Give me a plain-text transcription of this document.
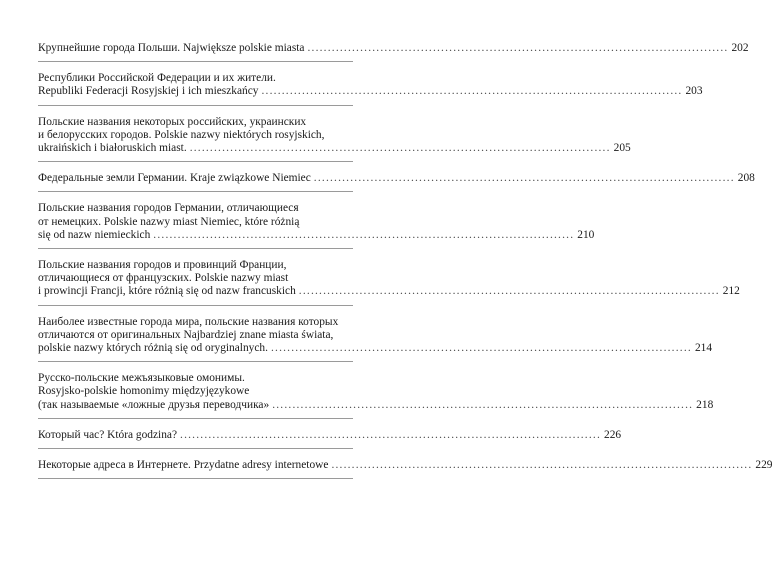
Крупнейшие города Польши. Największe polskie miasta .....	202
Республики Российской Федерации и их жители.
Republiki Federacji Rosyjskiej i ich mieszkańcy .....	203
Польские названия некоторых российских, украинских
и белорусских городов. Polskie nazwy niektórych rosyjskich,
ukraińskich i białoruskich miast. .....	205
Федеральные земли Германии. Kraje związkowe Niemiec .....	208
Польские названия городов Германии, отличающиеся
от немецких. Polskie nazwy miast Niemiec, które różnią
się od nazw niemieckich .....	210
Польские названия городов и провинций Франции,
отличающиеся от французских. Polskie nazwy miast
i prowincji Francji, które różnią się od nazw francuskich .....	212
Наиболее известные города мира, польские названия которых
отличаются от оригинальных Najbardziej znane miasta świata,
polskie nazwy których różnią się od oryginalnych. .....	214
Русско-польские межъязыковые омонимы.
Rosyjsko-polskie homonimy międzyjęzykowe
(так называемые «ложные друзья переводчика» .....	218
Который час? Która godzina? .....	226
Некоторые адреса в Интернете. Przydatne adresy internetowe .....	229
